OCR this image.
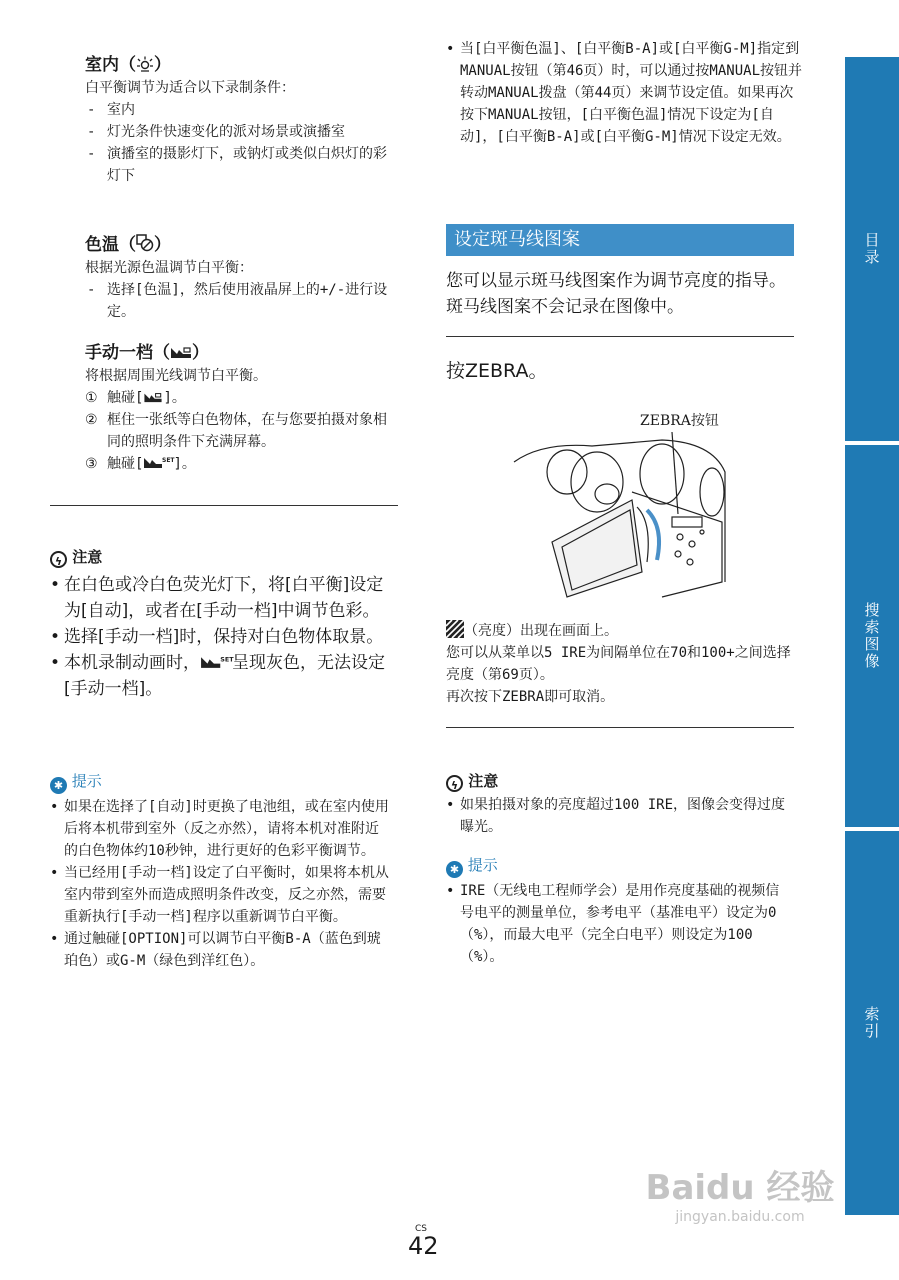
室内（ ）
白平衡调节为适合以下录制条件：
- 室内
- 灯光条件快速变化的派对场景或演播室
- 演播室的摄影灯下，或钠灯或类似白炽灯的彩灯下
色温（ ）
根据光源色温调节白平衡：
- 选择[色温]，然后使用液晶屏上的+/-进行设定。
手动一档（ ）
将根据周围光线调节白平衡。
① 触碰[ ]。
② 框住一张纸等白色物体，在与您要拍摄对象相同的照明条件下充满屏幕。
③ 触碰[	SET
]。
ϟ 注意
• 在白色或冷白色荧光灯下，将[白平衡]设定为[自动]，或者在[手动一档]中调节色彩。
• 选择[手动一档]时，保持对白色物体取景。
• 本机录制动画时，	SET
呈现灰色，无法设定[手动一档]。
✱ 提示
• 如果在选择了[自动]时更换了电池组，或在室内使用后将本机带到室外（反之亦然），请将本机对准附近的白色物体约10秒钟，进行更好的色彩平衡调节。
• 当已经用[手动一档]设定了白平衡时，如果将本机从室内带到室外而造成照明条件改变，反之亦然，需要重新执行[手动一档]程序以重新调节白平衡。
• 通过触碰[OPTION]可以调节白平衡B-A（蓝色到琥珀色）或G-M（绿色到洋红色）。
• 当[白平衡色温]、[白平衡B-A]或[白平衡G-M]指定到MANUAL按钮（第46页）时，可以通过按MANUAL按钮并转动MANUAL拨盘（第44页）来调节设定值。如果再次按下MANUAL按钮，[白平衡色温]情况下设定为[自动]，[白平衡B-A]或[白平衡G-M]情况下设定无效。
设定斑马线图案
您可以显示斑马线图案作为调节亮度的指导。斑马线图案不会记录在图像中。
按ZEBRA。
ZEBRA按钮
（亮度）出现在画面上。
您可以从菜单以5 IRE为间隔单位在70和100+之间选择亮度（第69页）。
再次按下ZEBRA即可取消。
ϟ 注意
• 如果拍摄对象的亮度超过100 IRE，图像会变得过度曝光。
✱ 提示
• IRE（无线电工程师学会）是用作亮度基础的视频信号电平的测量单位，参考电平（基准电平）设定为0（%），而最大电平（完全白电平）则设定为100（%）。
目录
搜索图像
索引
CS
42
Baidu 经验
jingyan.baidu.com
